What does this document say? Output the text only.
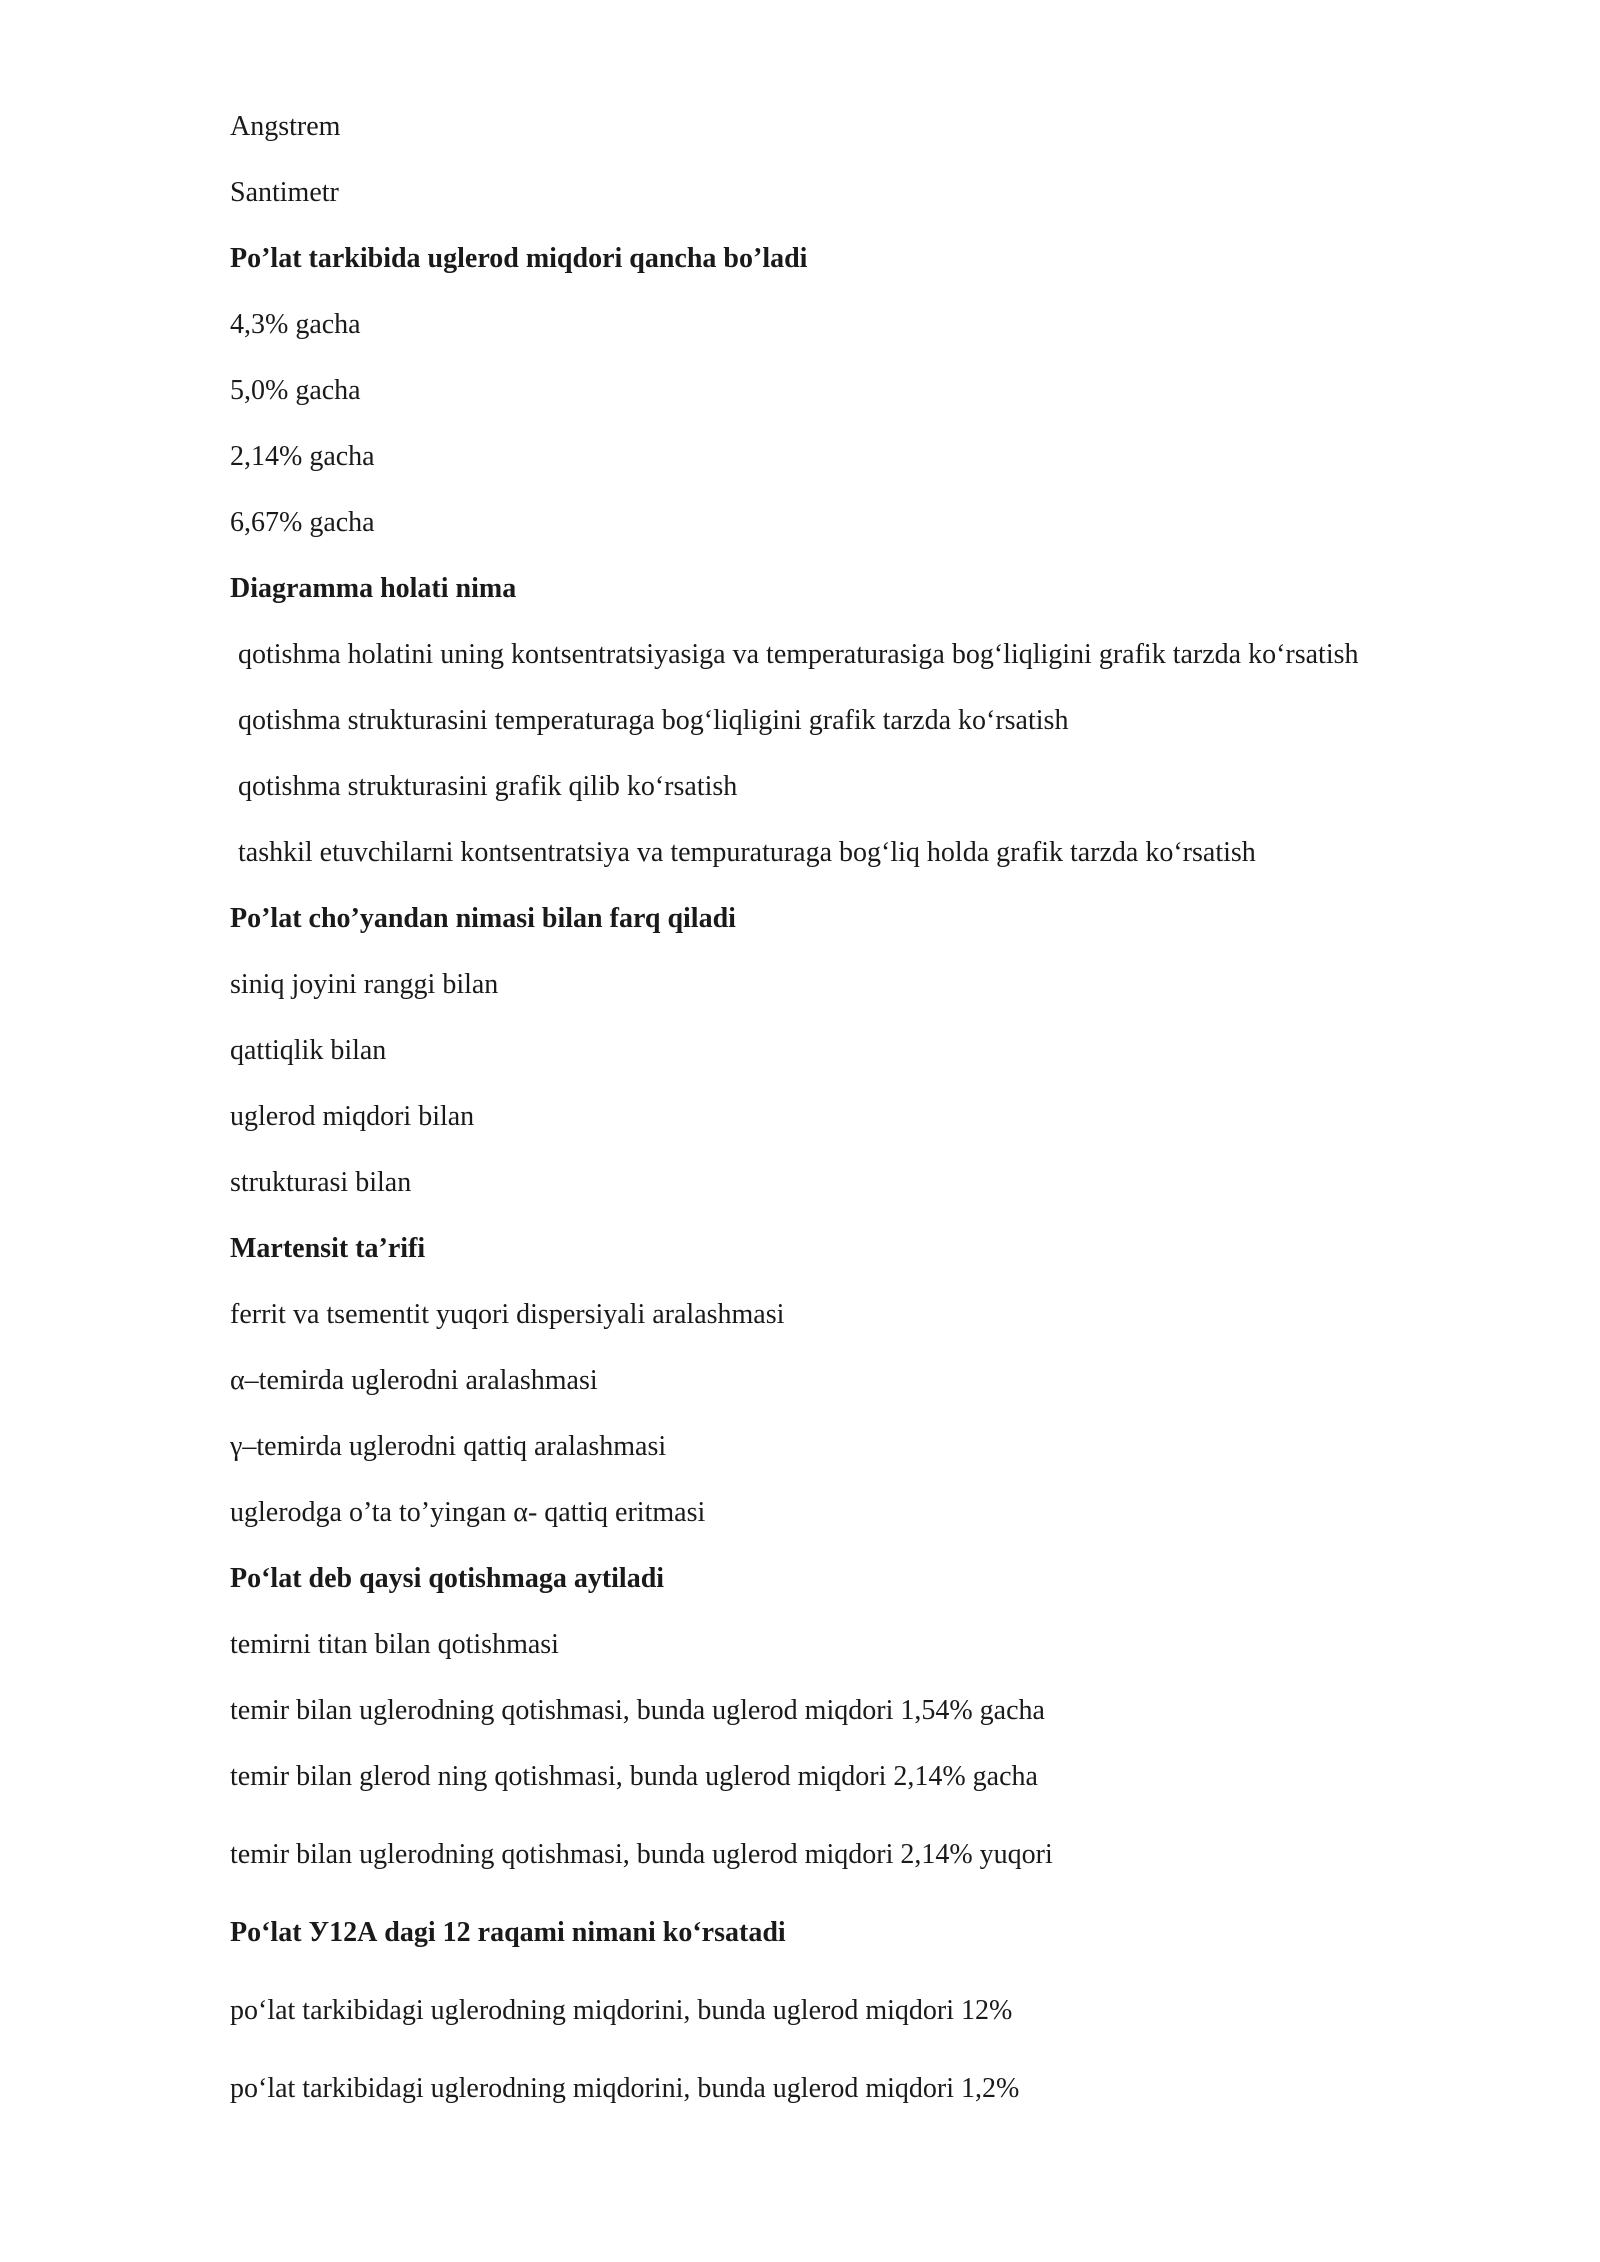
Angstrem
Santimetr
Po’lat tarkibida uglerod miqdori qancha bo’ladi
4,3% gacha
5,0% gacha
2,14% gacha
6,67% gacha
Diagramma holati nima
qotishma holatini uning kontsentratsiyasiga va temperaturasiga bog‘liqligini grafik tarzda ko‘rsatish
qotishma strukturasini temperaturaga bog‘liqligini grafik tarzda ko‘rsatish
qotishma strukturasini grafik qilib ko‘rsatish
tashkil etuvchilarni kontsentratsiya va tempuraturaga bog‘liq holda grafik tarzda ko‘rsatish
Po’lat cho’yandan nimasi bilan farq qiladi
siniq joyini ranggi bilan
qattiqlik bilan
uglerod miqdori bilan
strukturasi bilan
Martensit ta’rifi
ferrit va tsementit yuqori dispersiyali aralashmasi
α–temirda uglerodni aralashmasi
γ–temirda uglerodni qattiq aralashmasi
uglerodga o’ta to’yingan α- qattiq eritmasi
Po‘lat deb qaysi qotishmaga aytiladi
temirni titan bilan qotishmasi
temir bilan uglerodning qotishmasi, bunda uglerod miqdori 1,54% gacha
temir bilan glerod ning qotishmasi, bunda uglerod miqdori 2,14% gacha
temir bilan uglerodning qotishmasi, bunda uglerod miqdori 2,14% yuqori
Po‘lat У12А dagi 12 raqami nimani ko‘rsatadi
po‘lat tarkibidagi uglerodning miqdorini, bunda uglerod miqdori 12%
po‘lat tarkibidagi uglerodning miqdorini, bunda uglerod miqdori 1,2%
